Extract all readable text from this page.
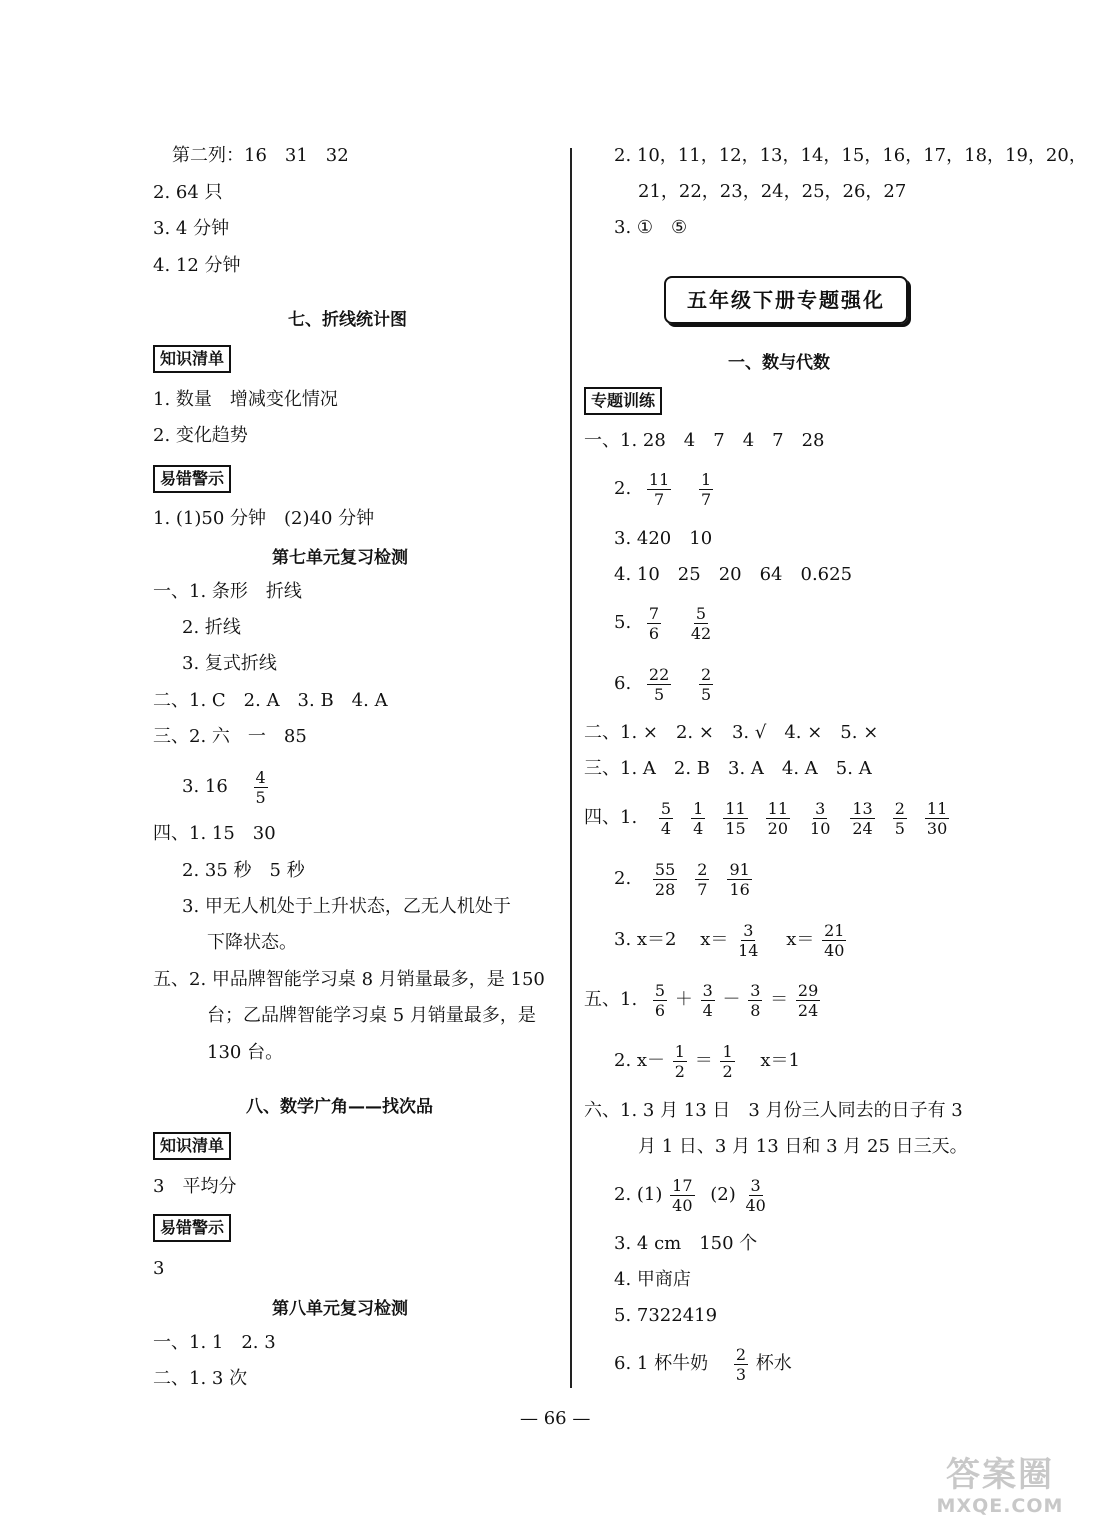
第二列：16　31　32
2. 64 只
3. 4 分钟
4. 12 分钟
七、折线统计图
知识清单
1. 数量　增减变化情况
2. 变化趋势
易错警示
1. (1)50 分钟　(2)40 分钟
第七单元复习检测
一、1. 条形　折线
2. 折线
3. 复式折线
二、1. C　2. A　3. B　4. A
三、2. 六　一　85
3. $16 \frac{4}{5}$
四、1. 15　30
2. 35 秒　5 秒
3. 甲无人机处于上升状态，乙无人机处于
下降状态。
五、2. 甲品牌智能学习桌 8 月销量最多，是 150
台；乙品牌智能学习桌 5 月销量最多，是
130 台。
八、数学广角——找次品
知识清单
3　平均分
易错警示
3
第八单元复习检测
一、1. 1　2. 3
二、1. 3 次
2. 10，11，12，13，14，15，16，17，18，19，20，
21，22，23，24，25，26，27
3. ①　⑤
五年级下册专题强化
一、数与代数
专题训练
一、1. 28　4　7　4　7　28
2. $\frac{11}{7}$
$\frac{1}{7}$
3. 420　10
4. 10　25　20　64　0.625
5. $\frac{7}{6}$
$\frac{5}{42}$
6. $\frac{22}{5}$
$\frac{2}{5}$
二、1. ×　2. ×　3. √　4. ×　5. ×
三、1. A　2. B　3. A　4. A　5. A
四、1. $\frac{5}{4} \frac{1}{4} \frac{11}{15} \frac{11}{20} \frac{3}{10} \frac{13}{24} \frac{2}{5} \frac{11}{30}$
2. $\frac{55}{28} \frac{2}{7} \frac{91}{16}$
3. x＝2 $x= \frac{3}{14} x= \frac{21}{40}$
五、1. $\frac{5}{6} + \frac{3}{4} - \frac{3}{8} = \frac{29}{24}$
2. $x- \frac{1}{2} = \frac{1}{2} x=1$
六、1. 3 月 13 日　3 月份三人同去的日子有 3
月 1 日、3 月 13 日和 3 月 25 日三天。
2. $(1) \frac{17}{40} (2) \frac{3}{40}$
3. 4 cm　150 个
4. 甲商店
5. 7322419
6. 1 杯牛奶 $\frac{2}{3}$ 杯水
— 66 —
答案圈
MXQE.COM
